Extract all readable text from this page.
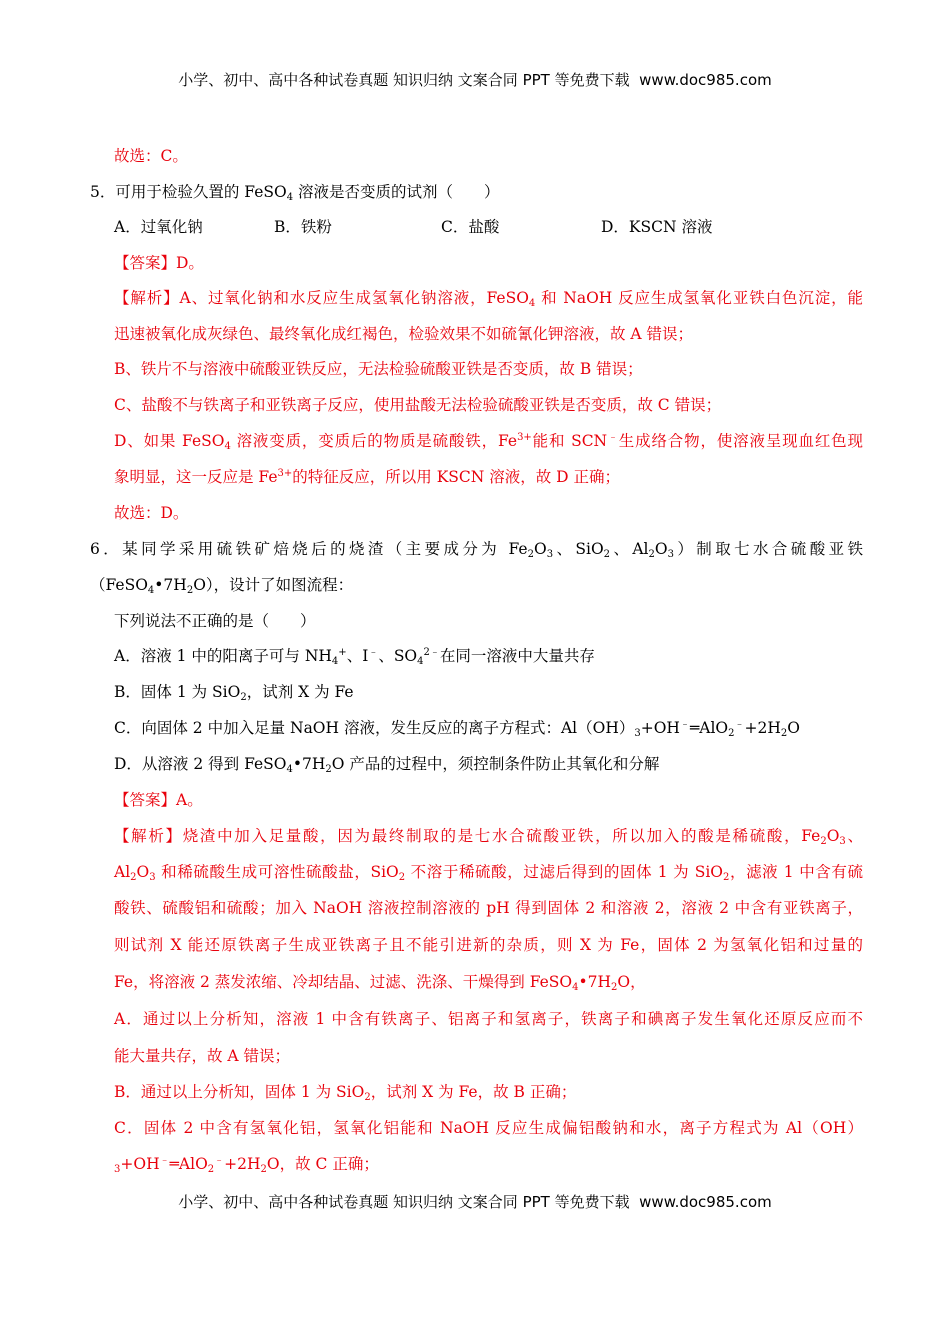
小学、初中、高中各种试卷真题 知识归纳 文案合同 PPT 等免费下载 www.doc985.com
故选：C。
5．可用于检验久置的 FeSO$_4$ 溶液是否变质的试剂（　　）
A．过氧化钠	B．铁粉	C．盐酸	D．KSCN 溶液
【答案】D。
【解析】A、过氧化钠和水反应生成氢氧化钠溶液，FeSO$_4$ 和 NaOH 反应生成氢氧化亚铁白色沉淀，能
迅速被氧化成灰绿色、最终氧化成红褐色，检验效果不如硫氰化钾溶液，故 A 错误；
B、铁片不与溶液中硫酸亚铁反应，无法检验硫酸亚铁是否变质，故 B 错误；
C、盐酸不与铁离子和亚铁离子反应，使用盐酸无法检验硫酸亚铁是否变质，故 C 错误；
D、如果 FeSO$_4$ 溶液变质，变质后的物质是硫酸铁，$Fe^{3+}$能和 SCN﹣生成络合物，使溶液呈现血红色现
象明显，这一反应是 $Fe^{3+}$的特征反应，所以用 KSCN 溶液，故 D 正确；
故选：D。
6．某同学采用硫铁矿焙烧后的烧渣（主要成分为 $Fe_2O_3$、SiO$_2$、$Al_2O_3$）制取七水合硫酸亚铁
$(FeSO_4•7H_2O)$，设计了如图流程：
下列说法不正确的是（　　）
A．溶液 1 中的阳离子可与 $NH_4^+$、I﹣、$SO_4^{2﹣}$在同一溶液中大量共存
B．固体 1 为 SiO$_2$，试剂 X 为 Fe
C．向固体 2 中加入足量 NaOH 溶液，发生反应的离子方程式：$Al(OH)_3+OH^﹣═AlO_2^﹣+2H_2O$
D．从溶液 2 得到 $FeSO_4•7H_2O$ 产品的过程中，须控制条件防止其氧化和分解
【答案】A。
【解析】烧渣中加入足量酸，因为最终制取的是七水合硫酸亚铁，所以加入的酸是稀硫酸，$Fe_2O_3$、
$Al_2O_3$ 和稀硫酸生成可溶性硫酸盐，SiO$_2$ 不溶于稀硫酸，过滤后得到的固体 1 为 SiO$_2$，滤液 1 中含有硫
酸铁、硫酸铝和硫酸；加入 NaOH 溶液控制溶液的 pH 得到固体 2 和溶液 2，溶液 2 中含有亚铁离子，
则试剂 X 能还原铁离子生成亚铁离子且不能引进新的杂质，则 X 为 Fe，固体 2 为氢氧化铝和过量的
Fe，将溶液 2 蒸发浓缩、冷却结晶、过滤、洗涤、干燥得到 $FeSO_4•7H_2O$，
A．通过以上分析知，溶液 1 中含有铁离子、铝离子和氢离子，铁离子和碘离子发生氧化还原反应而不
能大量共存，故 A 错误；
B．通过以上分析知，固体 1 为 SiO$_2$，试剂 X 为 Fe，故 B 正确；
C．固体 2 中含有氢氧化铝，氢氧化铝能和 NaOH 反应生成偏铝酸钠和水，离子方程式为 Al（OH）
$_3+OH^﹣═AlO_2^﹣+2H_2O$，故 C 正确；
小学、初中、高中各种试卷真题 知识归纳 文案合同 PPT 等免费下载 www.doc985.com
